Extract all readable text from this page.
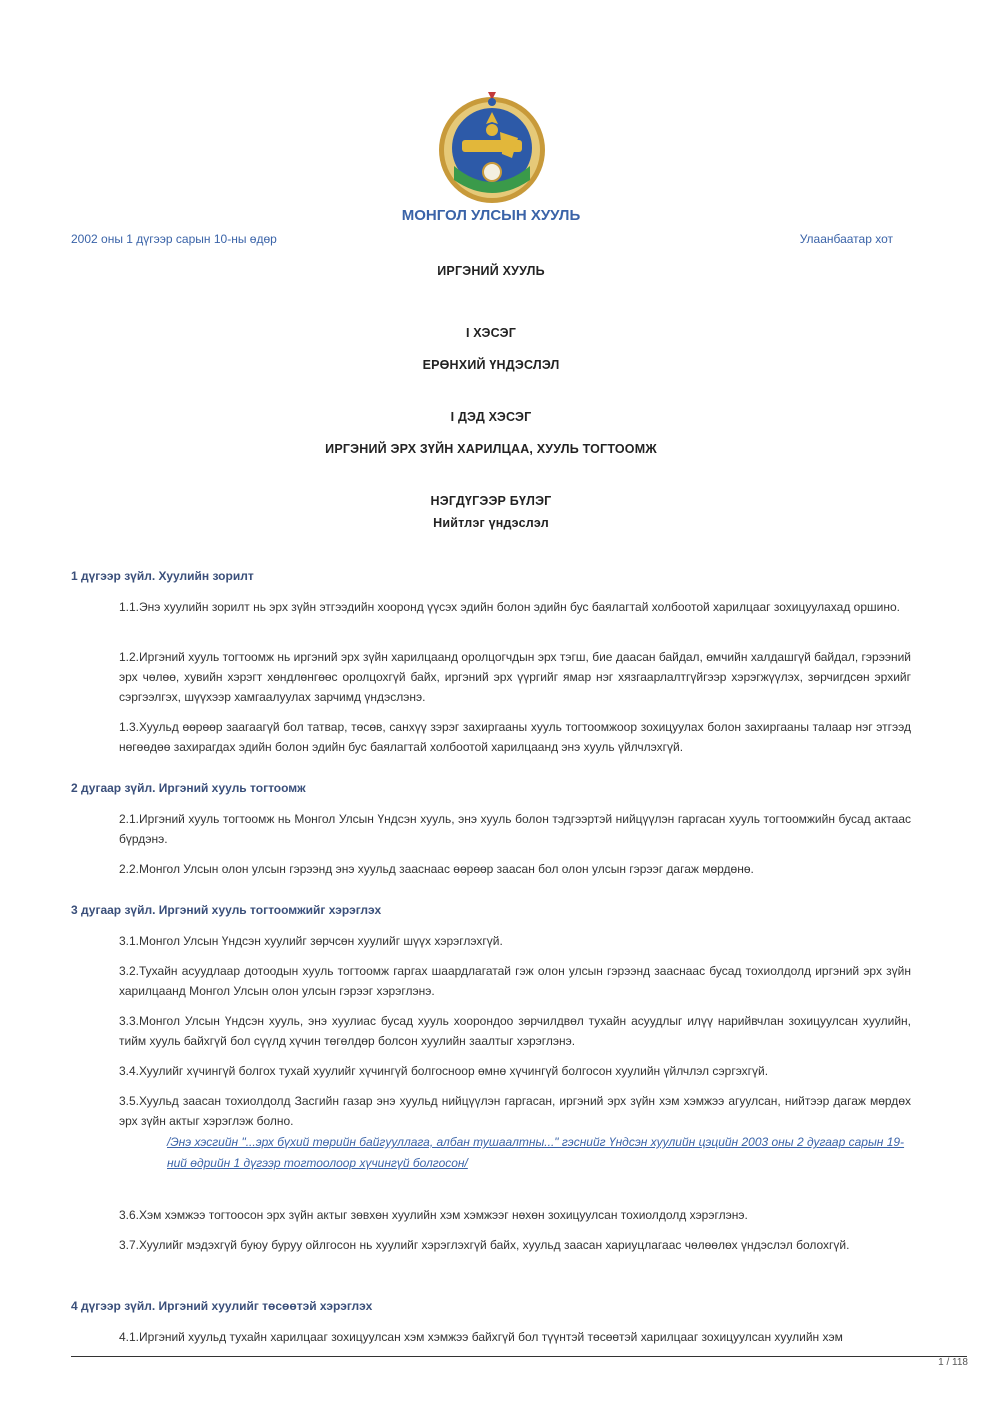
МОНГОЛ УЛСЫН ХУУЛЬ
2002 оны 1 дүгээр сарын 10-ны өдөр	Улаанбаатар хот
ИРГЭНИЙ ХУУЛЬ
I ХЭСЭГ
ЕРӨНХИЙ ҮНДЭСЛЭЛ
I ДЭД ХЭСЭГ
ИРГЭНИЙ ЭРХ ЗҮЙН ХАРИЛЦАА, ХУУЛЬ ТОГТООМЖ
НЭГДҮГЭЭР БҮЛЭГ
Нийтлэг үндэслэл
1 дүгээр зүйл. Хуулийн зорилт
1.1.Энэ хуулийн зорилт нь эрх зүйн этгээдийн хооронд үүсэх эдийн болон эдийн бус баялагтай холбоотой харилцааг зохицуулахад оршино.
1.2.Иргэний хууль тогтоомж нь иргэний эрх зүйн харилцаанд оролцогчдын эрх тэгш, бие даасан байдал, өмчийн халдашгүй байдал, гэрээний эрх чөлөө, хувийн хэрэгт хөндлөнгөөс оролцохгүй байх, иргэний эрх үүргийг ямар нэг хязгаарлалтгүйгээр хэрэгжүүлэх, зөрчигдсөн эрхийг сэргээлгэх, шүүхээр хамгаалуулах зарчимд үндэслэнэ.
1.3.Хуульд өөрөөр заагаагүй бол татвар, төсөв, санхүү зэрэг захиргааны хууль тогтоомжоор зохицуулах болон захиргааны талаар нэг этгээд нөгөөдөө захирагдах эдийн болон эдийн бус баялагтай холбоотой харилцаанд энэ хууль үйлчлэхгүй.
2 дугаар зүйл. Иргэний хууль тогтоомж
2.1.Иргэний хууль тогтоомж нь Монгол Улсын Үндсэн хууль, энэ хууль болон тэдгээртэй нийцүүлэн гаргасан хууль тогтоомжийн бусад актаас бүрдэнэ.
2.2.Монгол Улсын олон улсын гэрээнд энэ хуульд зааснаас өөрөөр заасан бол олон улсын гэрээг дагаж мөрдөнө.
3 дугаар зүйл. Иргэний хууль тогтоомжийг хэрэглэх
3.1.Монгол Улсын Үндсэн хуулийг зөрчсөн хуулийг шүүх хэрэглэхгүй.
3.2.Тухайн асуудлаар дотоодын хууль тогтоомж гаргах шаардлагатай гэж олон улсын гэрээнд зааснаас бусад тохиолдолд иргэний эрх зүйн харилцаанд Монгол Улсын олон улсын гэрээг хэрэглэнэ.
3.3.Монгол Улсын Үндсэн хууль, энэ хуулиас бусад хууль хоорондоо зөрчилдвөл тухайн асуудлыг илүү нарийвчлан зохицуулсан хуулийн, тийм хууль байхгүй бол сүүлд хүчин төгөлдөр болсон хуулийн заалтыг хэрэглэнэ.
3.4.Хуулийг хүчингүй болгох тухай хуулийг хүчингүй болгосноор өмнө хүчингүй болгосон хуулийн үйлчлэл сэргэхгүй.
3.5.Хуульд заасан тохиолдолд Засгийн газар энэ хуульд нийцүүлэн гаргасан, иргэний эрх зүйн хэм хэмжээ агуулсан, нийтээр дагаж мөрдөх эрх зүйн актыг хэрэглэж болно.
/Энэ хэсгийн "...эрх бүхий төрийн байгууллага, албан тушаалтны..." гэснийг Үндсэн хуулийн цэцийн 2003 оны 2 дугаар сарын 19-ний өдрийн 1 дүгээр тогтоолоор хүчингүй болгосон/
3.6.Хэм хэмжээ тогтоосон эрх зүйн актыг зөвхөн хуулийн хэм хэмжээг нөхөн зохицуулсан тохиолдолд хэрэглэнэ.
3.7.Хуулийг мэдэхгүй буюу буруу ойлгосон нь хуулийг хэрэглэхгүй байх, хуульд заасан хариуцлагаас чөлөөлөх үндэслэл болохгүй.
4 дүгээр зүйл. Иргэний хуулийг төсөөтэй хэрэглэх
4.1.Иргэний хуульд тухайн харилцааг зохицуулсан хэм хэмжээ байхгүй бол түүнтэй төсөөтэй харилцааг зохицуулсан хуулийн хэм
1 / 118
